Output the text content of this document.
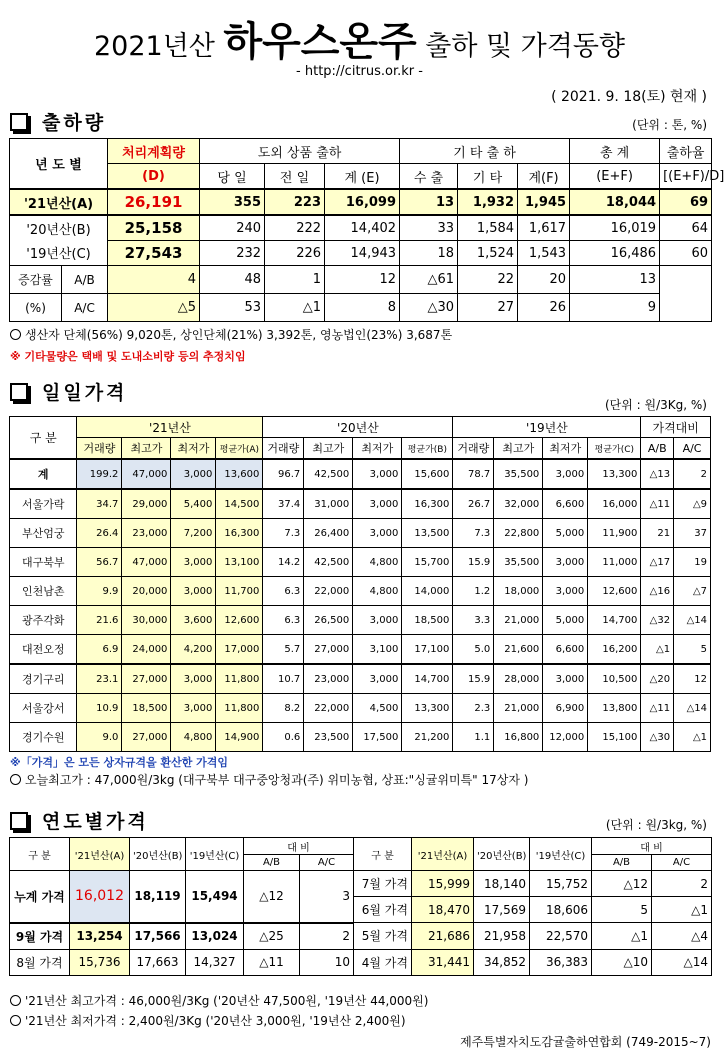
2021년산 하우스온주 출하 및 가격동향
- http://citrus.or.kr -
( 2021. 9. 18(토) 현재 )
출하량	(단위 : 톤, %)
년 도 별		처리계획량	도외 상품 출하			기 타 출 하			총 계	출하율
		(D)	당 일	전 일	계 (E)	수 출	기 타	계(F)	(E+F)	[(E+F)/D]
'21년산(A)		26,191	355	223	16,099	13	1,932	1,945	18,044	69
'20년산(B)		25,158	240	222	14,402	33	1,584	1,617	16,019	64
'19년산(C)		27,543	232	226	14,943	18	1,524	1,543	16,486	60
증감률	A/B	4	48	1	12	△61	22	20	13	
(%)	A/C	△5	53	△1	8	△30	27	26	9	
생산자 단체(56%) 9,020톤, 상인단체(21%) 3,392톤, 영농법인(23%) 3,687톤
※ 기타물량은 택배 및 도내소비량 등의 추정치임
일일가격
(단위 : 원/3Kg, %)
구 분	'21년산				'20년산				'19년산				가격대비	
	거래량	최고가	최저가	평균가(A)	거래량	최고가	최저가	평균가(B)	거래량	최고가	최저가	평균가(C)	A/B	A/C
계	199.2	47,000	3,000	13,600	96.7	42,500	3,000	15,600	78.7	35,500	3,000	13,300	△13	2
서울가락	34.7	29,000	5,400	14,500	37.4	31,000	3,000	16,300	26.7	32,000	6,600	16,000	△11	△9
부산엄궁	26.4	23,000	7,200	16,300	7.3	26,400	3,000	13,500	7.3	22,800	5,000	11,900	21	37
대구북부	56.7	47,000	3,000	13,100	14.2	42,500	4,800	15,700	15.9	35,500	3,000	11,000	△17	19
인천남촌	9.9	20,000	3,000	11,700	6.3	22,000	4,800	14,000	1.2	18,000	3,000	12,600	△16	△7
광주각화	21.6	30,000	3,600	12,600	6.3	26,500	3,000	18,500	3.3	21,000	5,000	14,700	△32	△14
대전오정	6.9	24,000	4,200	17,000	5.7	27,000	3,100	17,100	5.0	21,600	6,600	16,200	△1	5
경기구리	23.1	27,000	3,000	11,800	10.7	23,000	3,000	14,700	15.9	28,000	3,000	10,500	△20	12
서울강서	10.9	18,500	3,000	11,800	8.2	22,000	4,500	13,300	2.3	21,000	6,900	13,800	△11	△14
경기수원	9.0	27,000	4,800	14,900	0.6	23,500	17,500	21,200	1.1	16,800	12,000	15,100	△30	△1
※「가격」은 모든 상자규격을 환산한 가격임
오늘최고가 : 47,000원/3kg (대구북부 대구중앙청과(주) 위미농협, 상표:"싱귤위미특" 17상자 )
연도별가격	(단위 : 원/3kg, %)
구 분	'21년산(A)	'20년산(B)	'19년산(C)	대 비		구 분	'21년산(A)	'20년산(B)	'19년산(C)	대 비	
				A/B	A/C					A/B	A/C
누계 가격	16,012	18,119	15,494	△12	3	7월 가격	15,999	18,140	15,752	△12	2
						6월 가격	18,470	17,569	18,606	5	△1
9월 가격	13,254	17,566	13,024	△25	2	5월 가격	21,686	21,958	22,570	△1	△4
8월 가격	15,736	17,663	14,327	△11	10	4월 가격	31,441	34,852	36,383	△10	△14
'21년산 최고가격 : 46,000원/3Kg ('20년산 47,500원, '19년산 44,000원)
'21년산 최저가격 : 2,400원/3Kg ('20년산 3,000원, '19년산 2,400원)
제주특별자치도감귤출하연합회 (749-2015~7)
